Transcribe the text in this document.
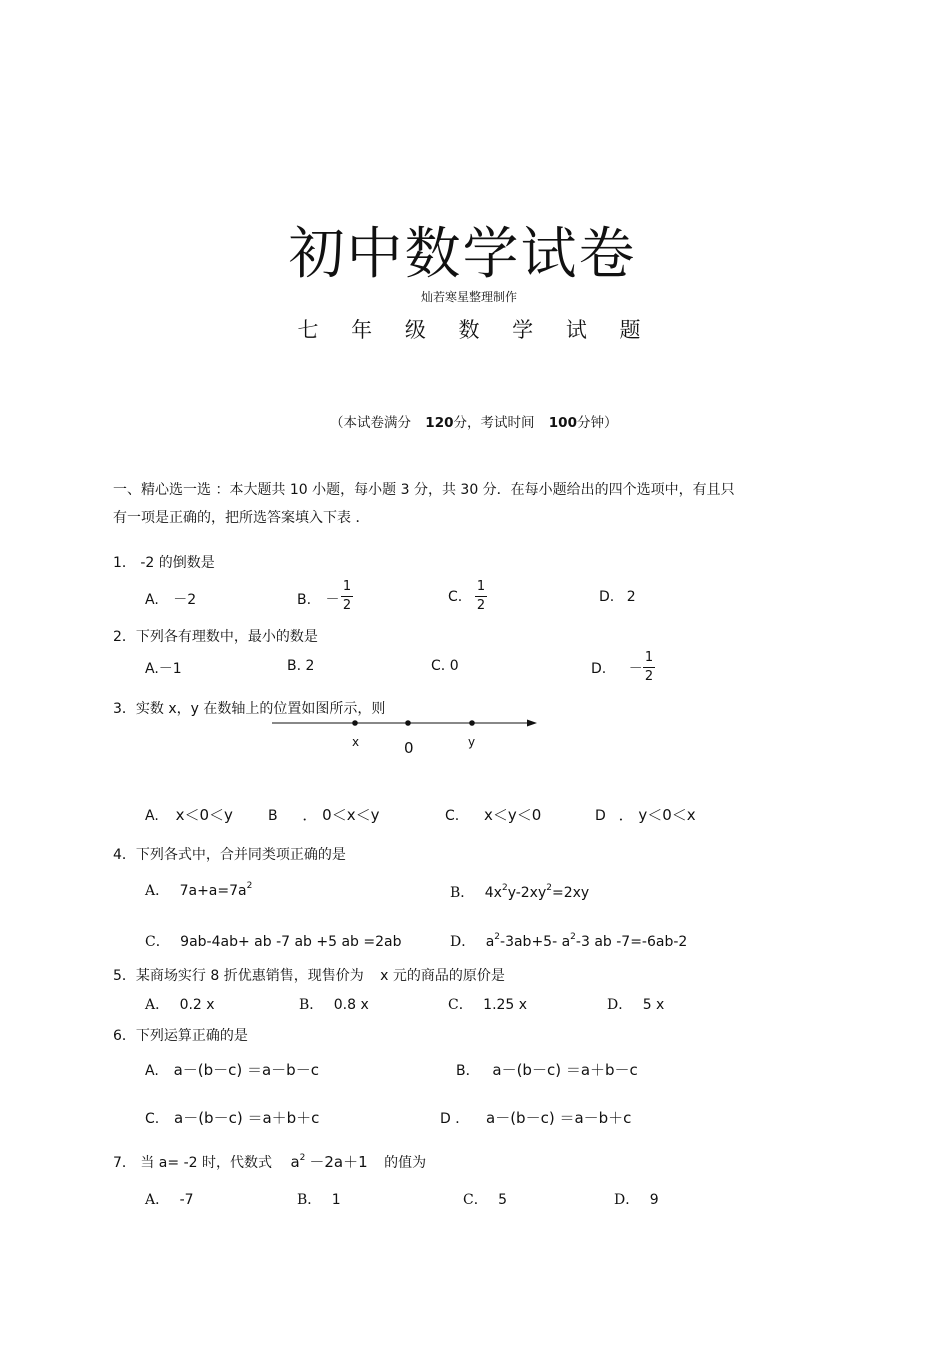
初中数学试卷
灿若寒星整理制作
七 年 级 数 学 试 题
（本试卷满分 120分，考试时间 100分钟）
一、精心选一选 ：本大题共 10 小题，每小题 3 分，共 30 分．在每小题给出的四个选项中，有且只
有一项是正确的，把所选答案填入下表 ．
1． -2 的倒数是
A. －2	B. －
1
2
C.
1
2
D. 2
2．下列各有理数中，最小的数是
A.－1	B. 2	C. 0	D. －
1
2
3．实数 x，y 在数轴上的位置如图所示，则
x	0	y
A. x＜0＜y	B ． 0＜x＜y	C. x＜y＜0	D ． y＜0＜x
4．下列各式中，合并同类项正确的是
A． $7a+a=7a^2$	B． $4x^2y-2xy^2=2xy$
C． 9ab-4ab+ ab -7 ab +5 ab =2ab	D． $a^2-3ab+5-$ $a^2-3$ ab -7=-6ab-2
5．某商场实行 8 折优惠销售，现售价为 x 元的商品的原价是
A． 0.2 x	B． 0.8 x	C． 1.25 x	D． 5 x
6．下列运算正确的是
A. a－(b－c) ＝a－b－c	B． a－(b－c) ＝a＋b－c
C. a－(b－c) ＝a＋b＋c	D ． a－(b－c) ＝a－b＋c
7． 当 a= -2 时，代数式 $a^2 -2a+1$ 的值为
A． -7	B． 1	C． 5	D． 9
